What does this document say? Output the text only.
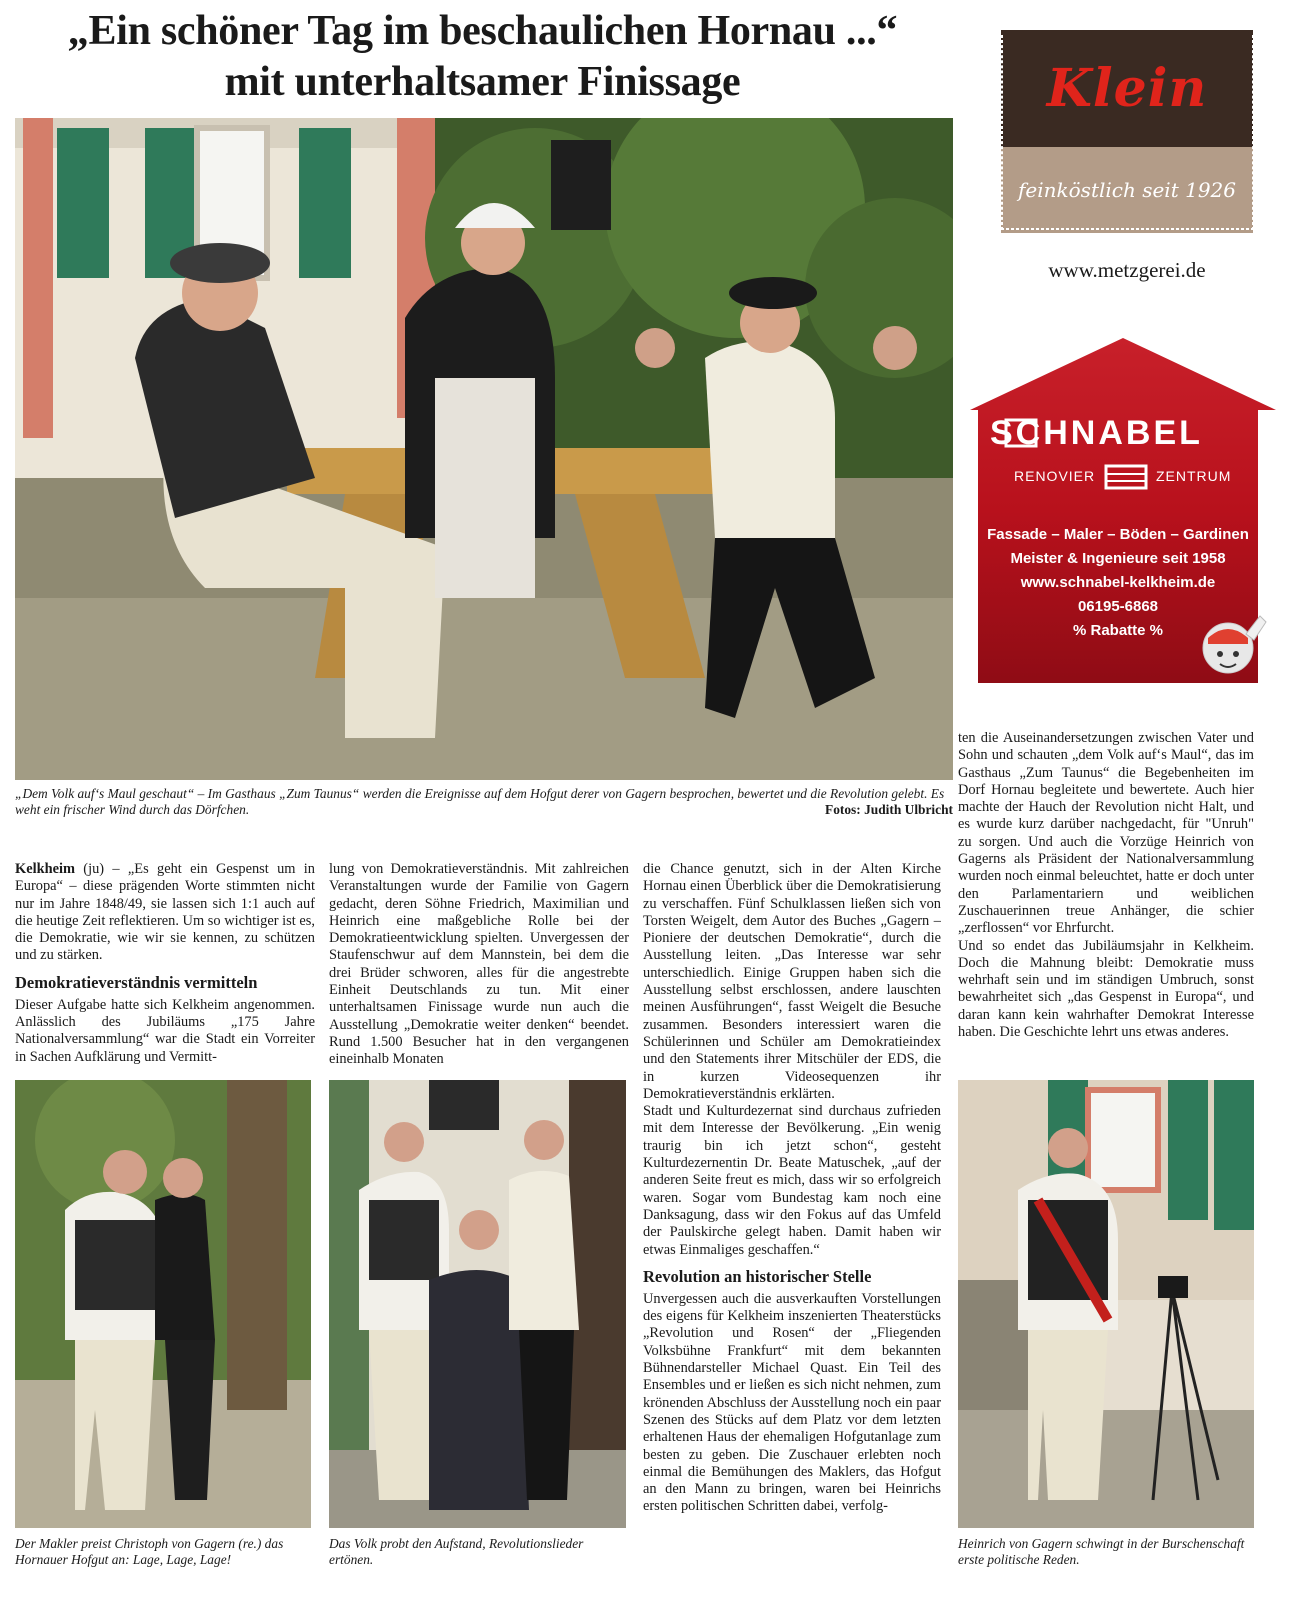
„Ein schöner Tag im beschaulichen Hornau ...“
mit unterhaltsamer Finissage	Klein
feinköstlich seit 1926
www.metzgerei.de
SCHNABEL
RENOVIER	ZENTRUM
Fassade – Maler – Böden – Gardinen
Meister & Ingenieure seit 1958
www.schnabel-kelkheim.de
06195-6868
% Rabatte %
„Dem Volk auf‘s Maul geschaut“ – Im Gasthaus „Zum Taunus“ werden die Ereignisse auf dem Hofgut derer von Gagern besprochen, bewertet und die Revolution gelebt. Es weht ein frischer Wind durch das Dörfchen.	Fotos: Judith Ulbricht

Kelkheim (ju) – „Es geht ein Gespenst um in Europa“ – diese prägenden Worte stimmten nicht nur im Jahre 1848/49, sie lassen sich 1:1 auch auf die heutige Zeit reflektieren. Um so wichtiger ist es, die Demokratie, wie wir sie kennen, zu schützen und zu stärken.

Demokratieverständnis vermitteln

Dieser Aufgabe hatte sich Kelkheim angenommen. Anlässlich des Jubiläums „175 Jahre Nationalversammlung“ war die Stadt ein Vorreiter in Sachen Aufklärung und Vermitt-

lung von Demokratieverständnis. Mit zahlreichen Veranstaltungen wurde der Familie von Gagern gedacht, deren Söhne Friedrich, Maximilian und Heinrich eine maßgebliche Rolle bei der Demokratieentwicklung spielten. Unvergessen der Staufenschwur auf dem Mannstein, bei dem die drei Brüder schworen, alles für die angestrebte Einheit Deutschlands zu tun. Mit einer unterhaltsamen Finissage wurde nun auch die Ausstellung „Demokratie weiter denken“ beendet. Rund 1.500 Besucher hat in den vergangenen eineinhalb Monaten

die Chance genutzt, sich in der Alten Kirche Hornau einen Überblick über die Demokratisierung zu verschaffen. Fünf Schulklassen ließen sich von Torsten Weigelt, dem Autor des Buches „Gagern – Pioniere der deutschen Demokratie“, durch die Ausstellung leiten. „Das Interesse war sehr unterschiedlich. Einige Gruppen haben sich die Ausstellung selbst erschlossen, andere lauschten meinen Ausführungen“, fasst Weigelt die Besuche zusammen. Besonders interessiert waren die Schülerinnen und Schüler am Demokratieindex und den Statements ihrer Mitschüler der EDS, die in kurzen Videosequenzen ihr Demokratieverständnis erklärten.

Stadt und Kulturdezernat sind durchaus zufrieden mit dem Interesse der Bevölkerung. „Ein wenig traurig bin ich jetzt schon“, gesteht Kulturdezernentin Dr. Beate Matuschek, „auf der anderen Seite freut es mich, dass wir so erfolgreich waren. Sogar vom Bundestag kam noch eine Danksagung, dass wir den Fokus auf das Umfeld der Paulskirche gelegt haben. Damit haben wir etwas Einmaliges geschaffen.“

Revolution an historischer Stelle

Unvergessen auch die ausverkauften Vorstellungen des eigens für Kelkheim inszenierten Theaterstücks „Revolution und Rosen“ der „Fliegenden Volksbühne Frankfurt“ mit dem bekannten Bühnendarsteller Michael Quast. Ein Teil des Ensembles und er ließen es sich nicht nehmen, zum krönenden Abschluss der Ausstellung noch ein paar Szenen des Stücks auf dem Platz vor dem letzten erhaltenen Haus der ehemaligen Hofgutanlage zum besten zu geben. Die Zuschauer erlebten noch einmal die Bemühungen des Maklers, das Hofgut an den Mann zu bringen, waren bei Heinrichs ersten politischen Schritten dabei, verfolg-

ten die Auseinandersetzungen zwischen Vater und Sohn und schauten „dem Volk auf‘s Maul“, das im Gasthaus „Zum Taunus“ die Begebenheiten im Dorf Hornau begleitete und bewertete. Auch hier machte der Hauch der Revolution nicht Halt, und es wurde kurz darüber nachgedacht, für "Unruh" zu sorgen. Und auch die Vorzüge Heinrich von Gagerns als Präsident der Nationalversammlung wurden noch einmal beleuchtet, hatte er doch unter den Parlamentariern und weiblichen Zuschauerinnen treue Anhänger, die schier „zerflossen“ vor Ehrfurcht.

Und so endet das Jubiläumsjahr in Kelkheim. Doch die Mahnung bleibt: Demokratie muss wehrhaft sein und im ständigen Umbruch, sonst bewahrheitet sich „das Gespenst in Europa“, und daran kann kein wahrhafter Demokrat Interesse haben. Die Geschichte lehrt uns etwas anderes.

Der Makler preist Christoph von Gagern (re.) das Hornauer Hofgut an: Lage, Lage, Lage!
Das Volk probt den Aufstand, Revolutionslieder ertönen.
Heinrich von Gagern schwingt in der Burschenschaft erste politische Reden.
